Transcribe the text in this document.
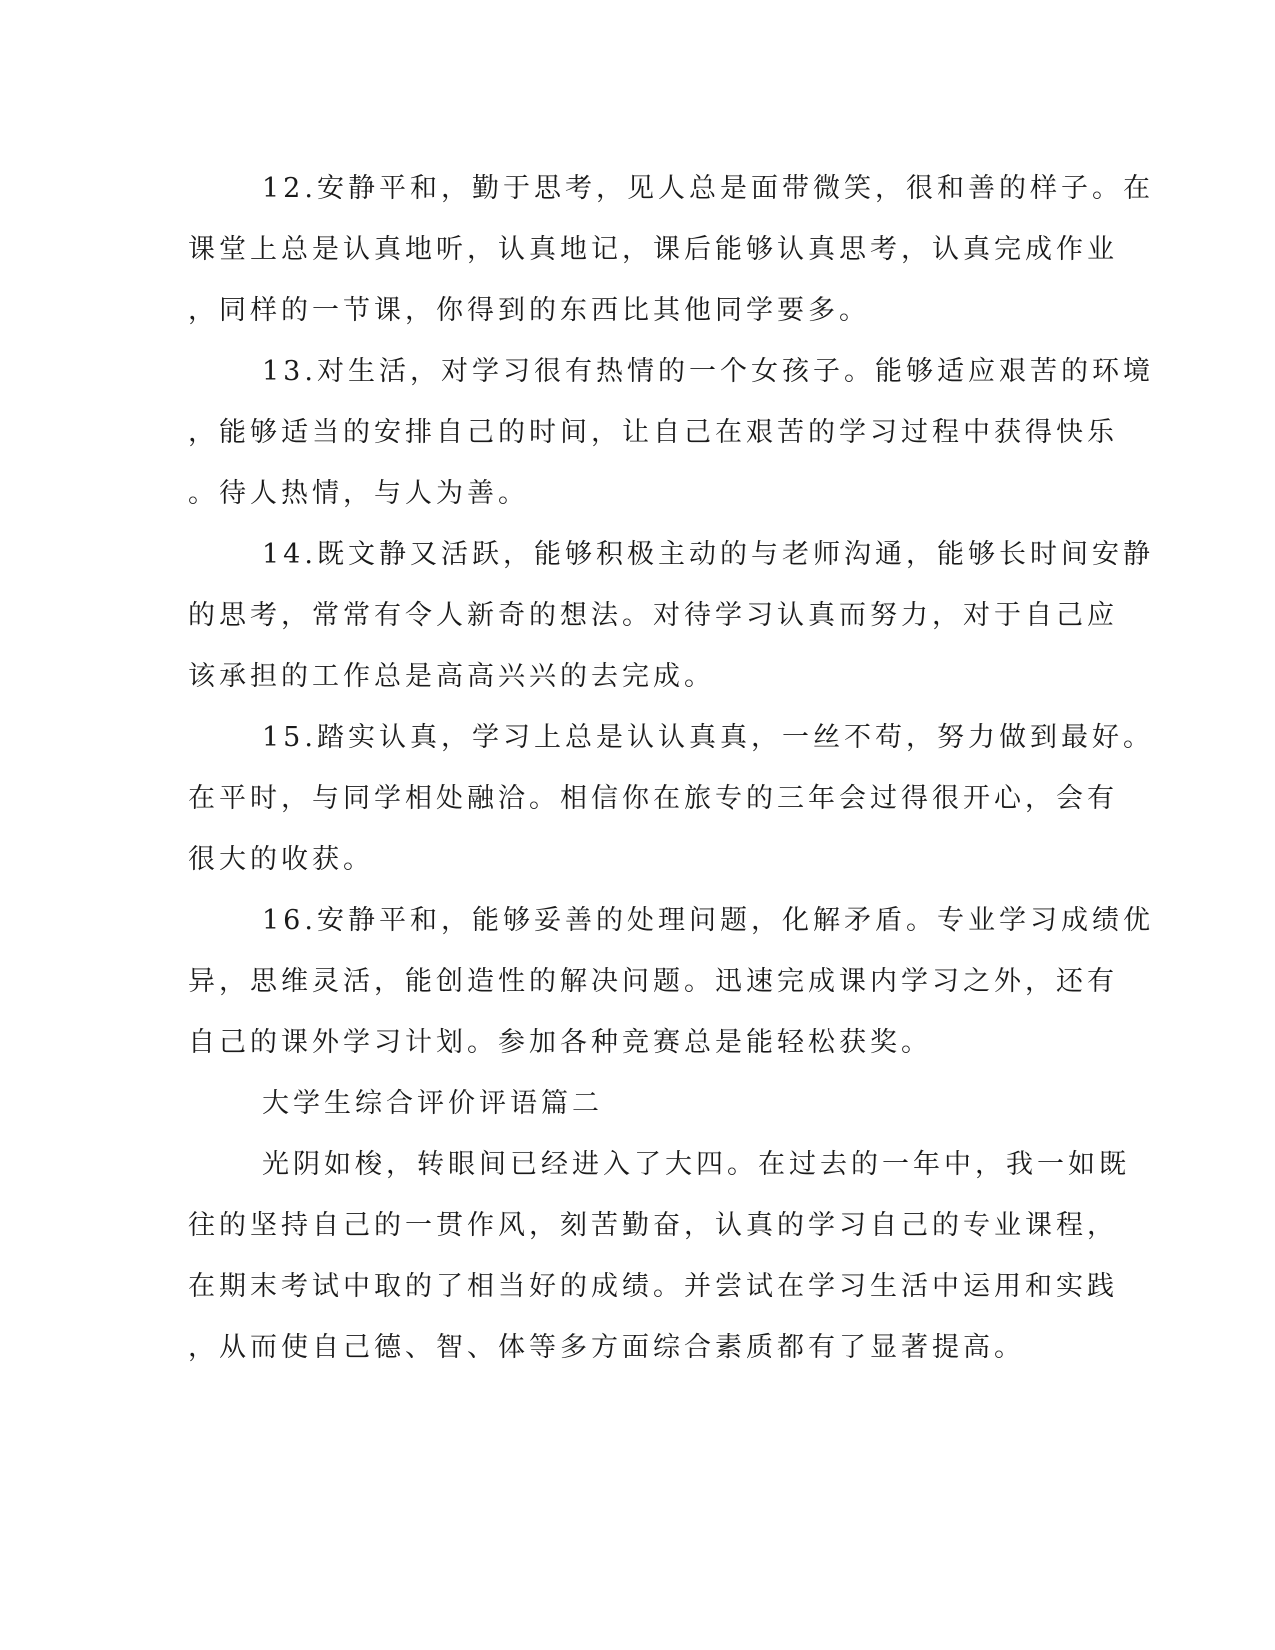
12.安静平和，勤于思考，见人总是面带微笑，很和善的样子。在
课堂上总是认真地听，认真地记，课后能够认真思考，认真完成作业
，同样的一节课，你得到的东西比其他同学要多。
13.对生活，对学习很有热情的一个女孩子。能够适应艰苦的环境
，能够适当的安排自己的时间，让自己在艰苦的学习过程中获得快乐
。待人热情，与人为善。
14.既文静又活跃，能够积极主动的与老师沟通，能够长时间安静
的思考，常常有令人新奇的想法。对待学习认真而努力，对于自己应
该承担的工作总是高高兴兴的去完成。
15.踏实认真，学习上总是认认真真，一丝不苟，努力做到最好。
在平时，与同学相处融洽。相信你在旅专的三年会过得很开心，会有
很大的收获。
16.安静平和，能够妥善的处理问题，化解矛盾。专业学习成绩优
异，思维灵活，能创造性的解决问题。迅速完成课内学习之外，还有
自己的课外学习计划。参加各种竞赛总是能轻松获奖。
大学生综合评价评语篇二
光阴如梭，转眼间已经进入了大四。在过去的一年中，我一如既
往的坚持自己的一贯作风，刻苦勤奋，认真的学习自己的专业课程，
在期末考试中取的了相当好的成绩。并尝试在学习生活中运用和实践
，从而使自己德、智、体等多方面综合素质都有了显著提高。
